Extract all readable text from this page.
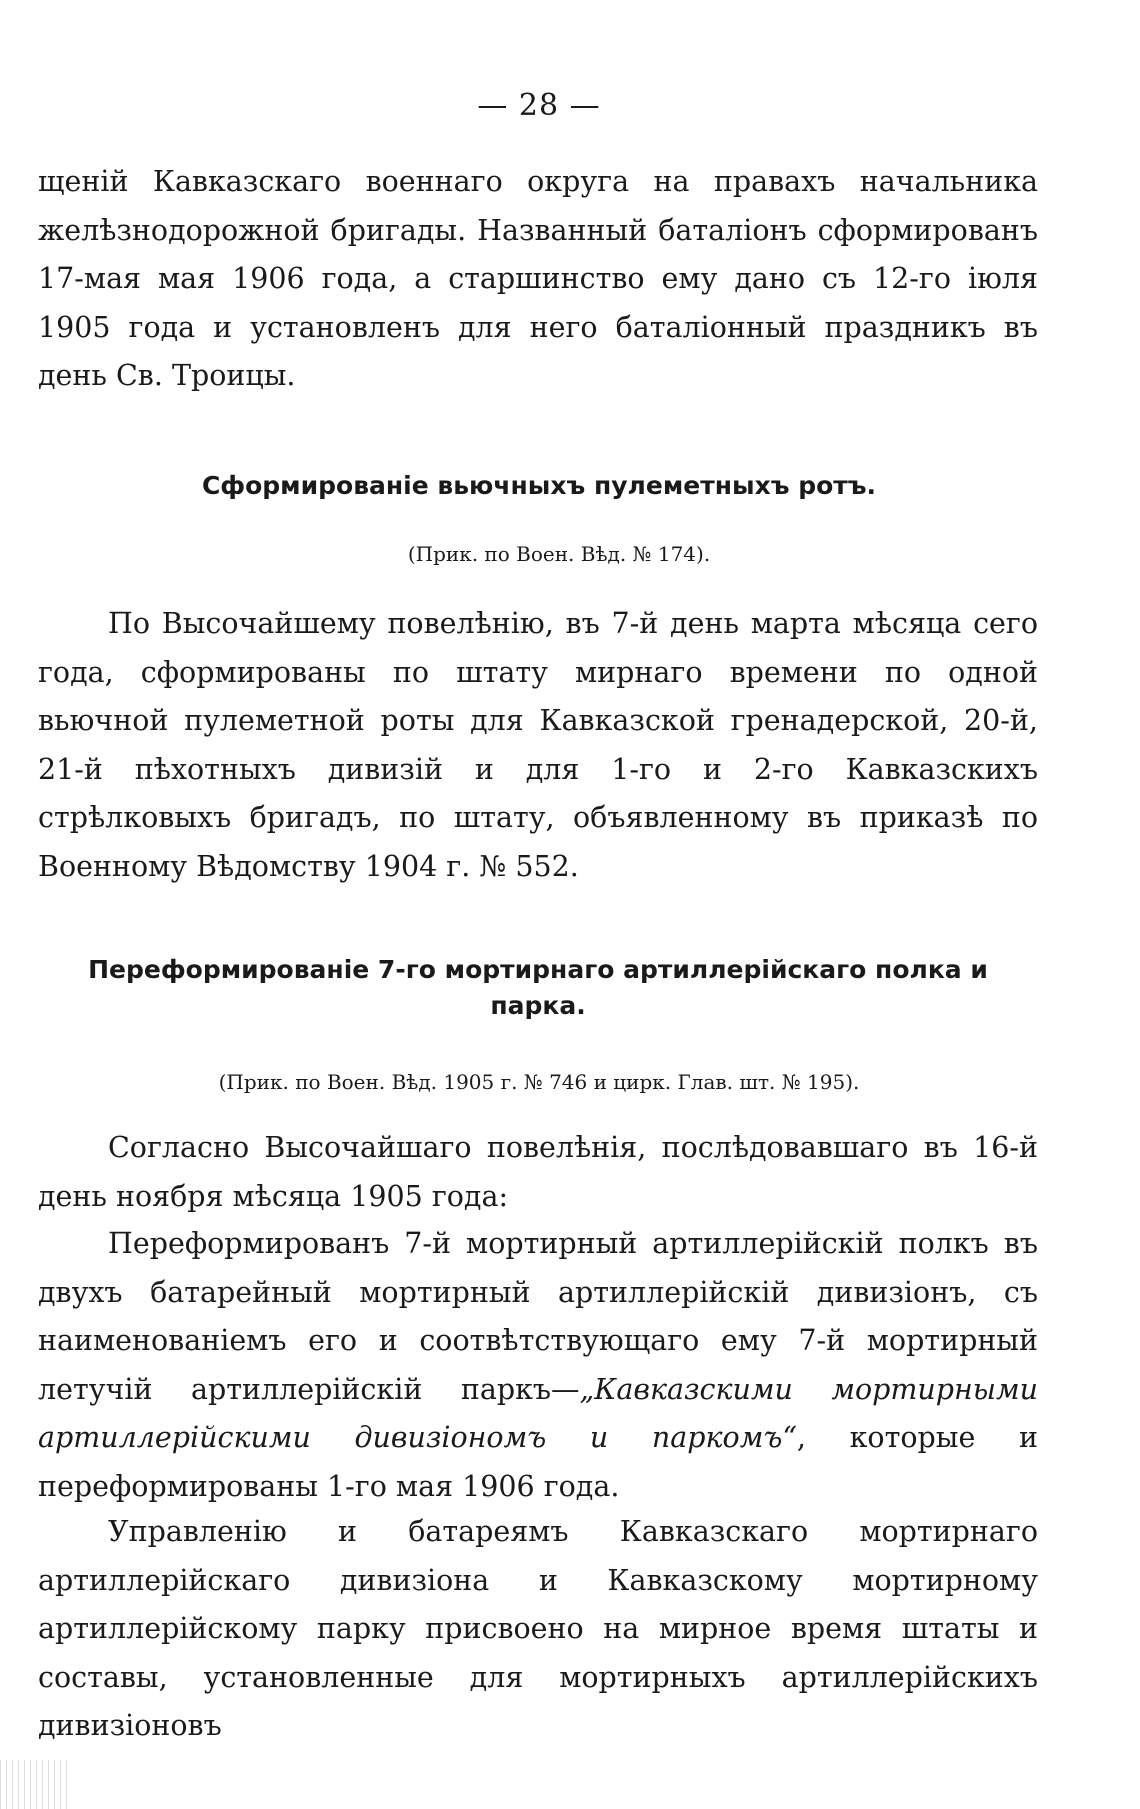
— 28 —

щеній Кавказскаго военнаго округа на правахъ начальника желѣзнодорожной бригады. Названный баталіонъ сформированъ 17-мая мая 1906 года, а старшинство ему дано съ 12-го іюля 1905 года и установленъ для него баталіонный праздникъ въ день Св. Троицы.

Сформированіе вьючныхъ пулеметныхъ ротъ.

(Прик. по Воен. Вѣд. № 174).

По Высочайшему повелѣнію, въ 7-й день марта мѣсяца сего года, сформированы по штату мирнаго времени по одной вьючной пулеметной роты для Кавказской гренадерской, 20-й, 21-й пѣхотныхъ дивизій и для 1-го и 2-го Кавказскихъ стрѣлковыхъ бригадъ, по штату, объявленному въ приказѣ по Военному Вѣдомству 1904 г. № 552.

Переформированіе 7-го мортирнаго артиллерійскаго полка и парка.

(Прик. по Воен. Вѣд. 1905 г. № 746 и цирк. Глав. шт. № 195).

Согласно Высочайшаго повелѣнія, послѣдовавшаго въ 16-й день ноября мѣсяца 1905 года:

Переформированъ 7-й мортирный артиллерійскій полкъ въ двухъ батарейный мортирный артиллерійскій дивизіонъ, съ наименованіемъ его и соотвѣтствующаго ему 7-й мортирный летучій артиллерійскій паркъ—„Кавказскими мортирными артиллерійскими дивизіономъ и паркомъ“, которые и переформированы 1-го мая 1906 года.

Управленію и батареямъ Кавказскаго мортирнаго артиллерійскаго дивизіона и Кавказскому мортирному артиллерійскому парку присвоено на мирное время штаты и составы, установленные для мортирныхъ артиллерійскихъ дивизіоновъ
